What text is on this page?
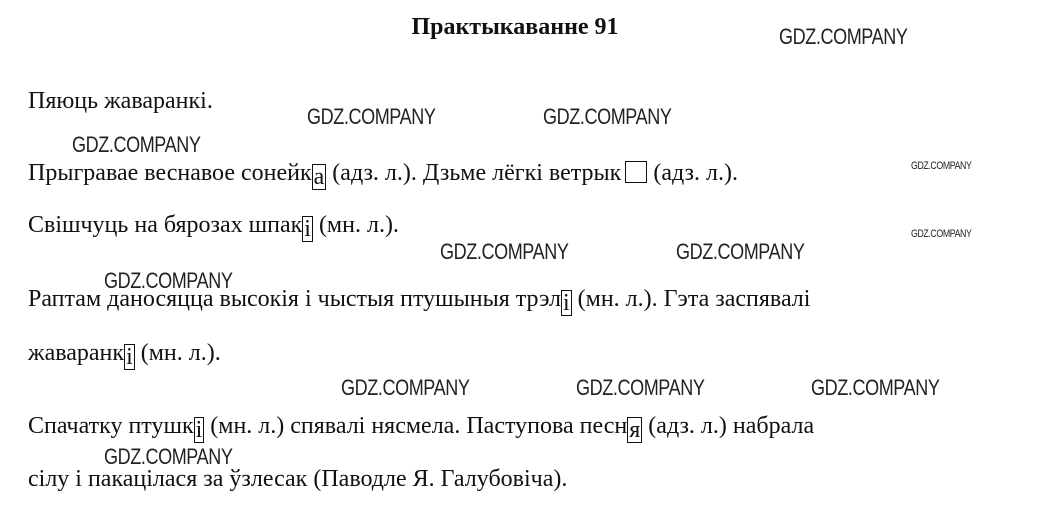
Практыкаванне 91
Пяюць жаваранкі.
Прыгравае веснавое сонейка (адз. л.). Дзьме лёгкі ветрык (адз. л.).
Свішчуць на бярозах шпакі (мн. л.).
Раптам даносяцца высокія і чыстыя птушыныя трэлі (мн. л.). Гэта заспявалі
жаваранкі (мн. л.).
Спачатку птушкі (мн. л.) спявалі нясмела. Паступова песня (адз. л.) набрала
сілу і пакацілася за ўзлесак (Паводле Я. Галубовіча).
GDZ.COMPANY
GDZ.COMPANY	GDZ.COMPANY
GDZ.COMPANY
GDZ.COMPANY
GDZ.COMPANY
GDZ.COMPANY	GDZ.COMPANY
GDZ.COMPANY
GDZ.COMPANY	GDZ.COMPANY	GDZ.COMPANY
GDZ.COMPANY
